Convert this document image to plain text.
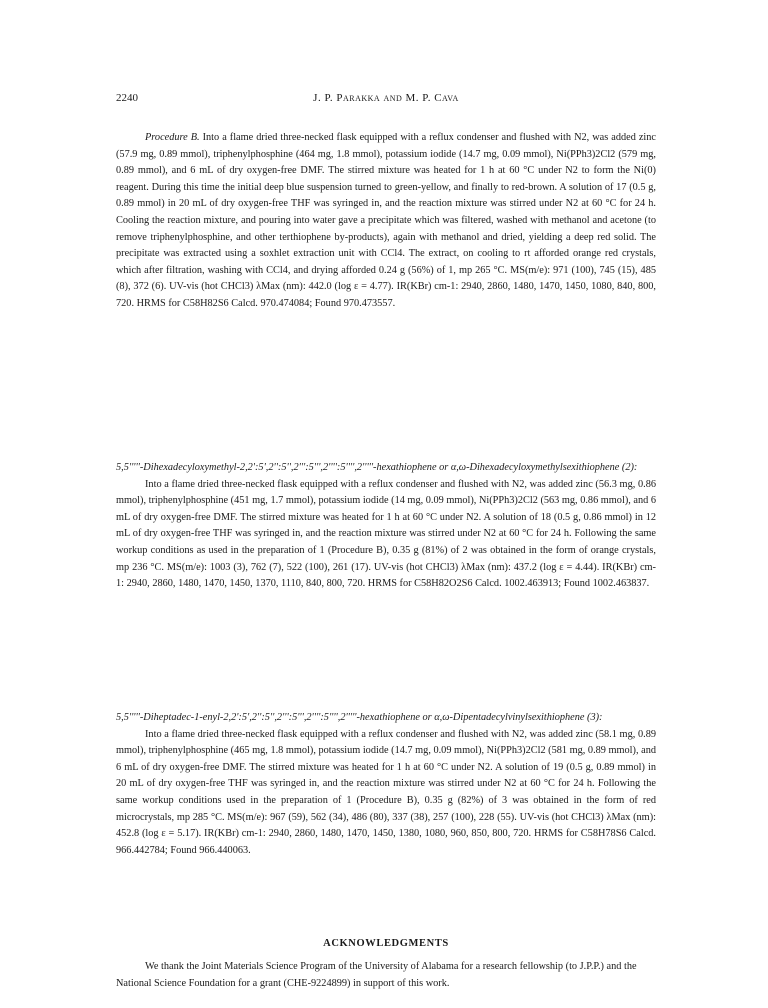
2240	J. P. Parakka and M. P. Cava

Procedure B. Into a flame dried three-necked flask equipped with a reflux condenser and flushed with N2, was added zinc (57.9 mg, 0.89 mmol), triphenylphosphine (464 mg, 1.8 mmol), potassium iodide (14.7 mg, 0.09 mmol), Ni(PPh3)2Cl2 (579 mg, 0.89 mmol), and 6 mL of dry oxygen-free DMF. The stirred mixture was heated for 1 h at 60 °C under N2 to form the Ni(0) reagent. During this time the initial deep blue suspension turned to green-yellow, and finally to red-brown. A solution of 17 (0.5 g, 0.89 mmol) in 20 mL of dry oxygen-free THF was syringed in, and the reaction mixture was stirred under N2 at 60 °C for 24 h. Cooling the reaction mixture, and pouring into water gave a precipitate which was filtered, washed with methanol and acetone (to remove triphenylphosphine, and other terthiophene by-products), again with methanol and dried, yielding a deep red solid. The precipitate was extracted using a soxhlet extraction unit with CCl4. The extract, on cooling to rt afforded orange red crystals, which after filtration, washing with CCl4, and drying afforded 0.24 g (56%) of 1, mp 265 °C. MS(m/e): 971 (100), 745 (15), 485 (8), 372 (6). UV-vis (hot CHCl3) λMax (nm): 442.0 (log ε = 4.77). IR(KBr) cm-1: 2940, 2860, 1480, 1470, 1450, 1080, 840, 800, 720. HRMS for C58H82S6 Calcd. 970.474084; Found 970.473557.

5,5'''''-Dihexadecyloxymethyl-2,2':5',2'':5'',2''':5''',2'''':5'''',2'''''-hexathiophene or α,ω-Dihexadecyloxymethylsexithiophene (2):

Into a flame dried three-necked flask equipped with a reflux condenser and flushed with N2, was added zinc (56.3 mg, 0.86 mmol), triphenylphosphine (451 mg, 1.7 mmol), potassium iodide (14 mg, 0.09 mmol), Ni(PPh3)2Cl2 (563 mg, 0.86 mmol), and 6 mL of dry oxygen-free DMF. The stirred mixture was heated for 1 h at 60 °C under N2. A solution of 18 (0.5 g, 0.86 mmol) in 12 mL of dry oxygen-free THF was syringed in, and the reaction mixture was stirred under N2 at 60 °C for 24 h. Following the same workup conditions as used in the preparation of 1 (Procedure B), 0.35 g (81%) of 2 was obtained in the form of orange crystals, mp 236 °C. MS(m/e): 1003 (3), 762 (7), 522 (100), 261 (17). UV-vis (hot CHCl3) λMax (nm): 437.2 (log ε = 4.44). IR(KBr) cm-1: 2940, 2860, 1480, 1470, 1450, 1370, 1110, 840, 800, 720. HRMS for C58H82O2S6 Calcd. 1002.463913; Found 1002.463837.

5,5'''''-Diheptadec-1-enyl-2,2':5',2'':5'',2''':5''',2'''':5'''',2'''''-hexathiophene or α,ω-Dipentadecylvinylsexithiophene (3):

Into a flame dried three-necked flask equipped with a reflux condenser and flushed with N2, was added zinc (58.1 mg, 0.89 mmol), triphenylphosphine (465 mg, 1.8 mmol), potassium iodide (14.7 mg, 0.09 mmol), Ni(PPh3)2Cl2 (581 mg, 0.89 mmol), and 6 mL of dry oxygen-free DMF. The stirred mixture was heated for 1 h at 60 °C under N2. A solution of 19 (0.5 g, 0.89 mmol) in 20 mL of dry oxygen-free THF was syringed in, and the reaction mixture was stirred under N2 at 60 °C for 24 h. Following the same workup conditions used in the preparation of 1 (Procedure B), 0.35 g (82%) of 3 was obtained in the form of red microcrystals, mp 285 °C. MS(m/e): 967 (59), 562 (34), 486 (80), 337 (38), 257 (100), 228 (55). UV-vis (hot CHCl3) λMax (nm): 452.8 (log ε = 5.17). IR(KBr) cm-1: 2940, 2860, 1480, 1470, 1450, 1380, 1080, 960, 850, 800, 720. HRMS for C58H78S6 Calcd. 966.442784; Found 966.440063.

ACKNOWLEDGMENTS

We thank the Joint Materials Science Program of the University of Alabama for a research fellowship (to J.P.P.) and the National Science Foundation for a grant (CHE-9224899) in support of this work.
